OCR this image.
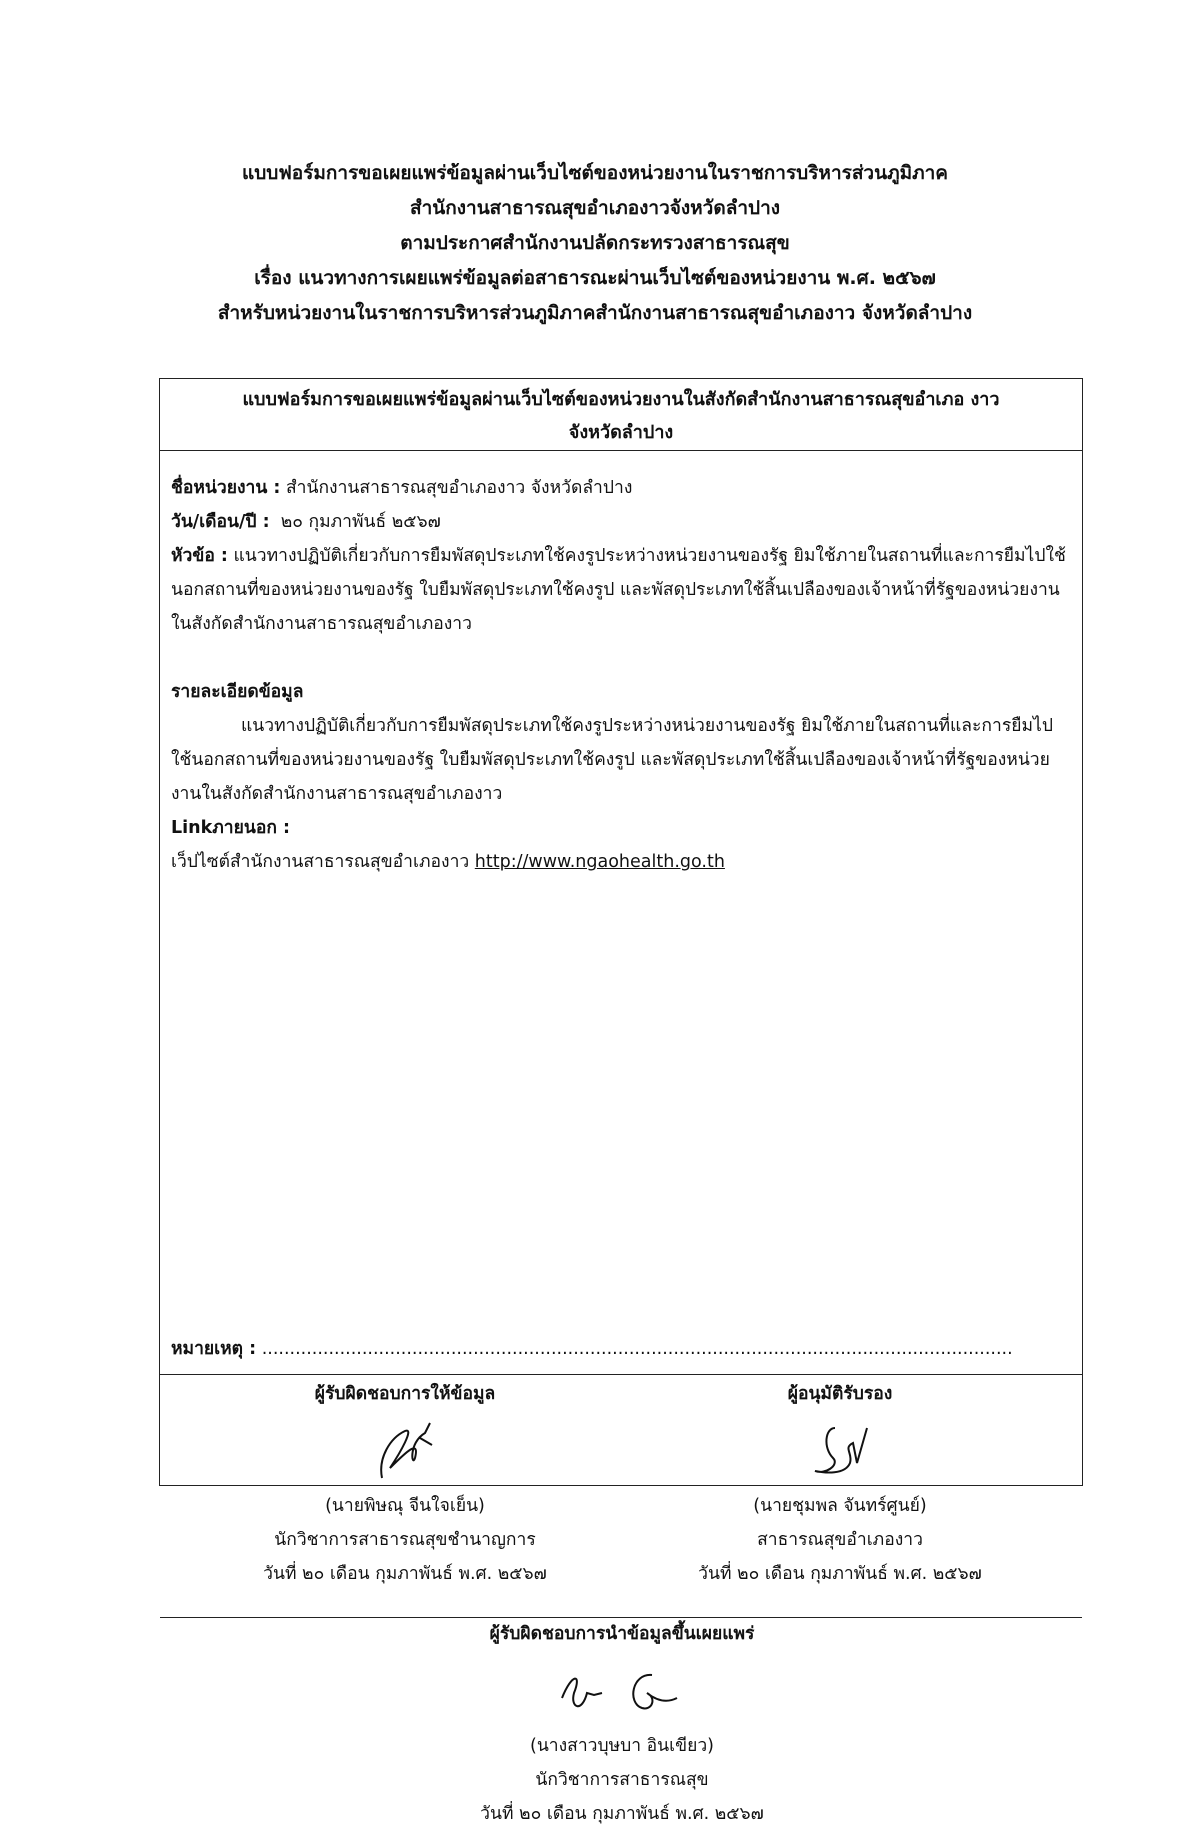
แบบฟอร์มการขอเผยแพร่ข้อมูลผ่านเว็บไซต์ของหน่วยงานในราชการบริหารส่วนภูมิภาค
สำนักงานสาธารณสุขอำเภองาวจังหวัดลำปาง
ตามประกาศสำนักงานปลัดกระทรวงสาธารณสุข
เรื่อง แนวทางการเผยแพร่ข้อมูลต่อสาธารณะผ่านเว็บไซต์ของหน่วยงาน พ.ศ. ๒๕๖๗
สำหรับหน่วยงานในราชการบริหารส่วนภูมิภาคสำนักงานสาธารณสุขอำเภองาว จังหวัดลำปาง
แบบฟอร์มการขอเผยแพร่ข้อมูลผ่านเว็บไซต์ของหน่วยงานในสังกัดสำนักงานสาธารณสุขอำเภอ งาว
จังหวัดลำปาง
ชื่อหน่วยงาน : สำนักงานสาธารณสุขอำเภองาว จังหวัดลำปาง
วัน/เดือน/ปี : ๒๐ กุมภาพันธ์ ๒๕๖๗
หัวข้อ : แนวทางปฏิบัติเกี่ยวกับการยืมพัสดุประเภทใช้คงรูประหว่างหน่วยงานของรัฐ ยิมใช้ภายในสถานที่และการยืมไปใช้นอกสถานที่ของหน่วยงานของรัฐ ใบยืมพัสดุประเภทใช้คงรูป และพัสดุประเภทใช้สิ้นเปลืองของเจ้าหน้าที่รัฐของหน่วยงานในสังกัดสำนักงานสาธารณสุขอำเภองาว
รายละเอียดข้อมูล
แนวทางปฏิบัติเกี่ยวกับการยืมพัสดุประเภทใช้คงรูประหว่างหน่วยงานของรัฐ ยิมใช้ภายในสถานที่และการยืมไปใช้นอกสถานที่ของหน่วยงานของรัฐ ใบยืมพัสดุประเภทใช้คงรูป และพัสดุประเภทใช้สิ้นเปลืองของเจ้าหน้าที่รัฐของหน่วยงานในสังกัดสำนักงานสาธารณสุขอำเภองาว
Linkภายนอก :
เว็ปไซต์สำนักงานสาธารณสุขอำเภองาว http://www.ngaohealth.go.th
หมายเหตุ : .......................................................................................................................................
ผู้รับผิดชอบการให้ข้อมูล
(นายพิษณุ จีนใจเย็น)
นักวิชาการสาธารณสุขชำนาญการ
วันที่ ๒๐ เดือน กุมภาพันธ์ พ.ศ. ๒๕๖๗
ผู้อนุมัติรับรอง
(นายชุมพล จันทร์ศูนย์)
สาธารณสุขอำเภองาว
วันที่ ๒๐ เดือน กุมภาพันธ์ พ.ศ. ๒๕๖๗
ผู้รับผิดชอบการนำข้อมูลขึ้นเผยแพร่
(นางสาวบุษบา อินเขียว)
นักวิชาการสาธารณสุข
วันที่ ๒๐ เดือน กุมภาพันธ์ พ.ศ. ๒๕๖๗
